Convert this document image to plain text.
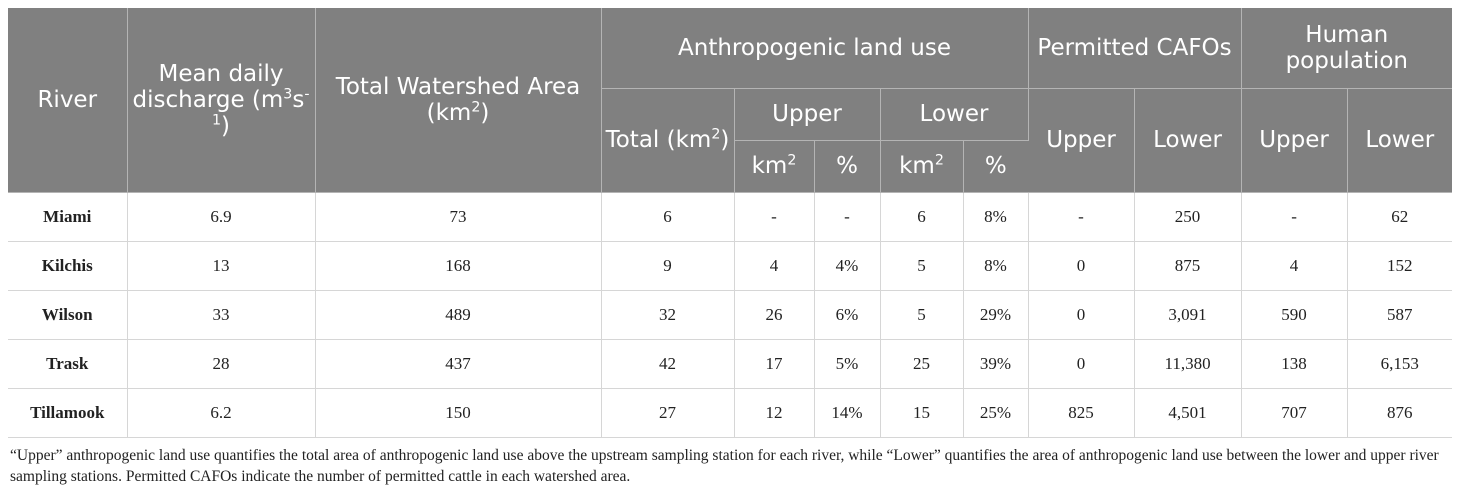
River	Mean daily discharge $(m^3s^{-1})$	Total Watershed Area $(km^2)$	Anthropogenic land use					Permitted CAFOs		Human population	
			Total $(km^2)$	Upper		Lower		Upper	Lower	Upper	Lower
				$km^2$	%	$km^2$	%				
Miami	6.9	73	6	-	-	6	8%	-	250	-	62
Kilchis	13	168	9	4	4%	5	8%	0	875	4	152
Wilson	33	489	32	26	6%	5	29%	0	3,091	590	587
Trask	28	437	42	17	5%	25	39%	0	11,380	138	6,153
Tillamook	6.2	150	27	12	14%	15	25%	825	4,501	707	876
“Upper” anthropogenic land use quantifies the total area of anthropogenic land use above the upstream sampling station for each river, while “Lower” quantifies the area of anthropogenic land use between the lower and upper river sampling stations. Permitted CAFOs indicate the number of permitted cattle in each watershed area.
